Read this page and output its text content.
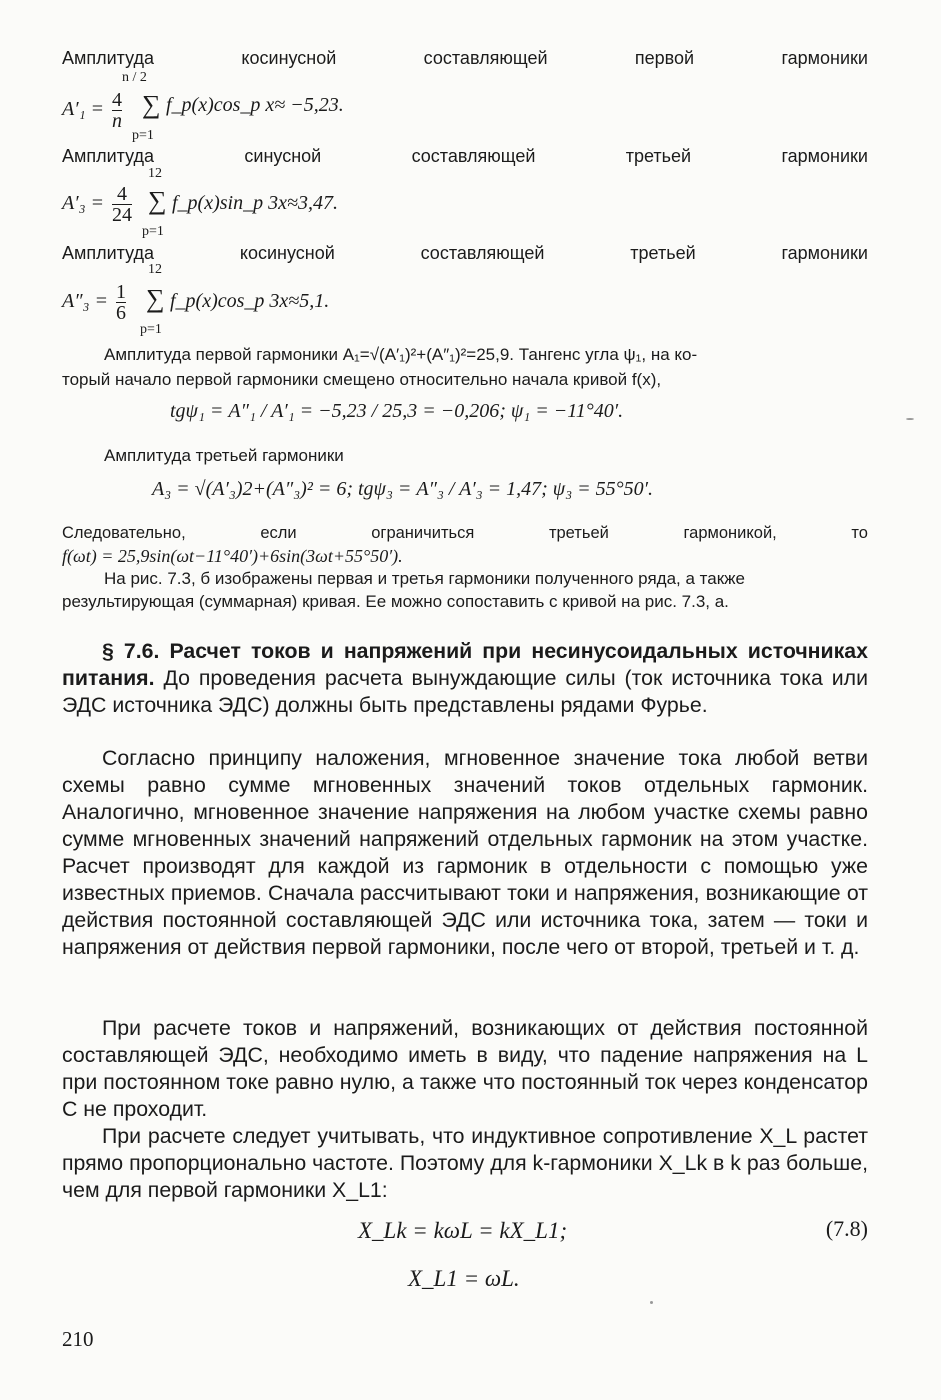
Амплитуда	косинусной	составляющей	первой	гармоники
n / 2
$A'_1 = \frac{4}{n}$ ∑ f_p(x)cos_p x≈ −5,23.
p=1
Амплитуда	синусной	составляющей	третьей	гармоники
12
$A'_3 = \frac{4}{24}$ ∑ f_p(x)sin_p 3x≈3,47.
p=1
Амплитуда	косинусной	составляющей	третьей	гармоники
12
$A''_3 = \frac{1}{6}$ ∑ f_p(x)cos_p 3x≈5,1.
p=1
Амплитуда первой гармоники A₁=√(A′₁)²+(A″₁)²=25,9. Тангенс угла ψ₁, на ко-
торый начало первой гармоники смещено относительно начала кривой f(x),
tgψ₁ = A″₁ / A′₁ = −5,23 / 25,3 = −0,206; ψ₁ = −11°40′.
Амплитуда третьей гармоники
A₃ = √(A′₃)2+(A″₃)² = 6; tgψ₃ = A″₃ / A′₃ = 1,47; ψ₃ = 55°50′.
Следовательно,	если	ограничиться	третьей	гармоникой,	то
f(ωt) = 25,9sin(ωt−11°40′)+6sin(3ωt+55°50′).
На рис. 7.3, б изображены первая и третья гармоники полученного ряда, а также
результирующая (суммарная) кривая. Ее можно сопоставить с кривой на рис. 7.3, а.
§ 7.6. Расчет токов и напряжений при несинусоидальных источниках питания. До проведения расчета вынуждающие силы (ток источника тока или ЭДС источника ЭДС) должны быть представлены рядами Фурье.
Согласно принципу наложения, мгновенное значение тока любой ветви схемы равно сумме мгновенных значений токов отдельных гармоник. Аналогично, мгновенное значение напряжения на любом участке схемы равно сумме мгновенных значений напряжений отдельных гармоник на этом участке. Расчет производят для каждой из гармоник в отдельности с помощью уже известных приемов. Сначала рассчитывают токи и напряжения, возникающие от действия постоянной составляющей ЭДС или источника тока, затем — токи и напряжения от действия первой гармоники, после чего от второй, третьей и т. д.
При расчете токов и напряжений, возникающих от действия постоянной составляющей ЭДС, необходимо иметь в виду, что падение напряжения на L при постоянном токе равно нулю, а также что постоянный ток через конденсатор C не проходит.
При расчете следует учитывать, что индуктивное сопротивление X_L растет прямо пропорционально частоте. Поэтому для k-гармоники X_Lk в k раз больше, чем для первой гармоники X_L1:
X_Lk = kωL = kX_L1;	(7.8)
X_L1 = ωL.
210
